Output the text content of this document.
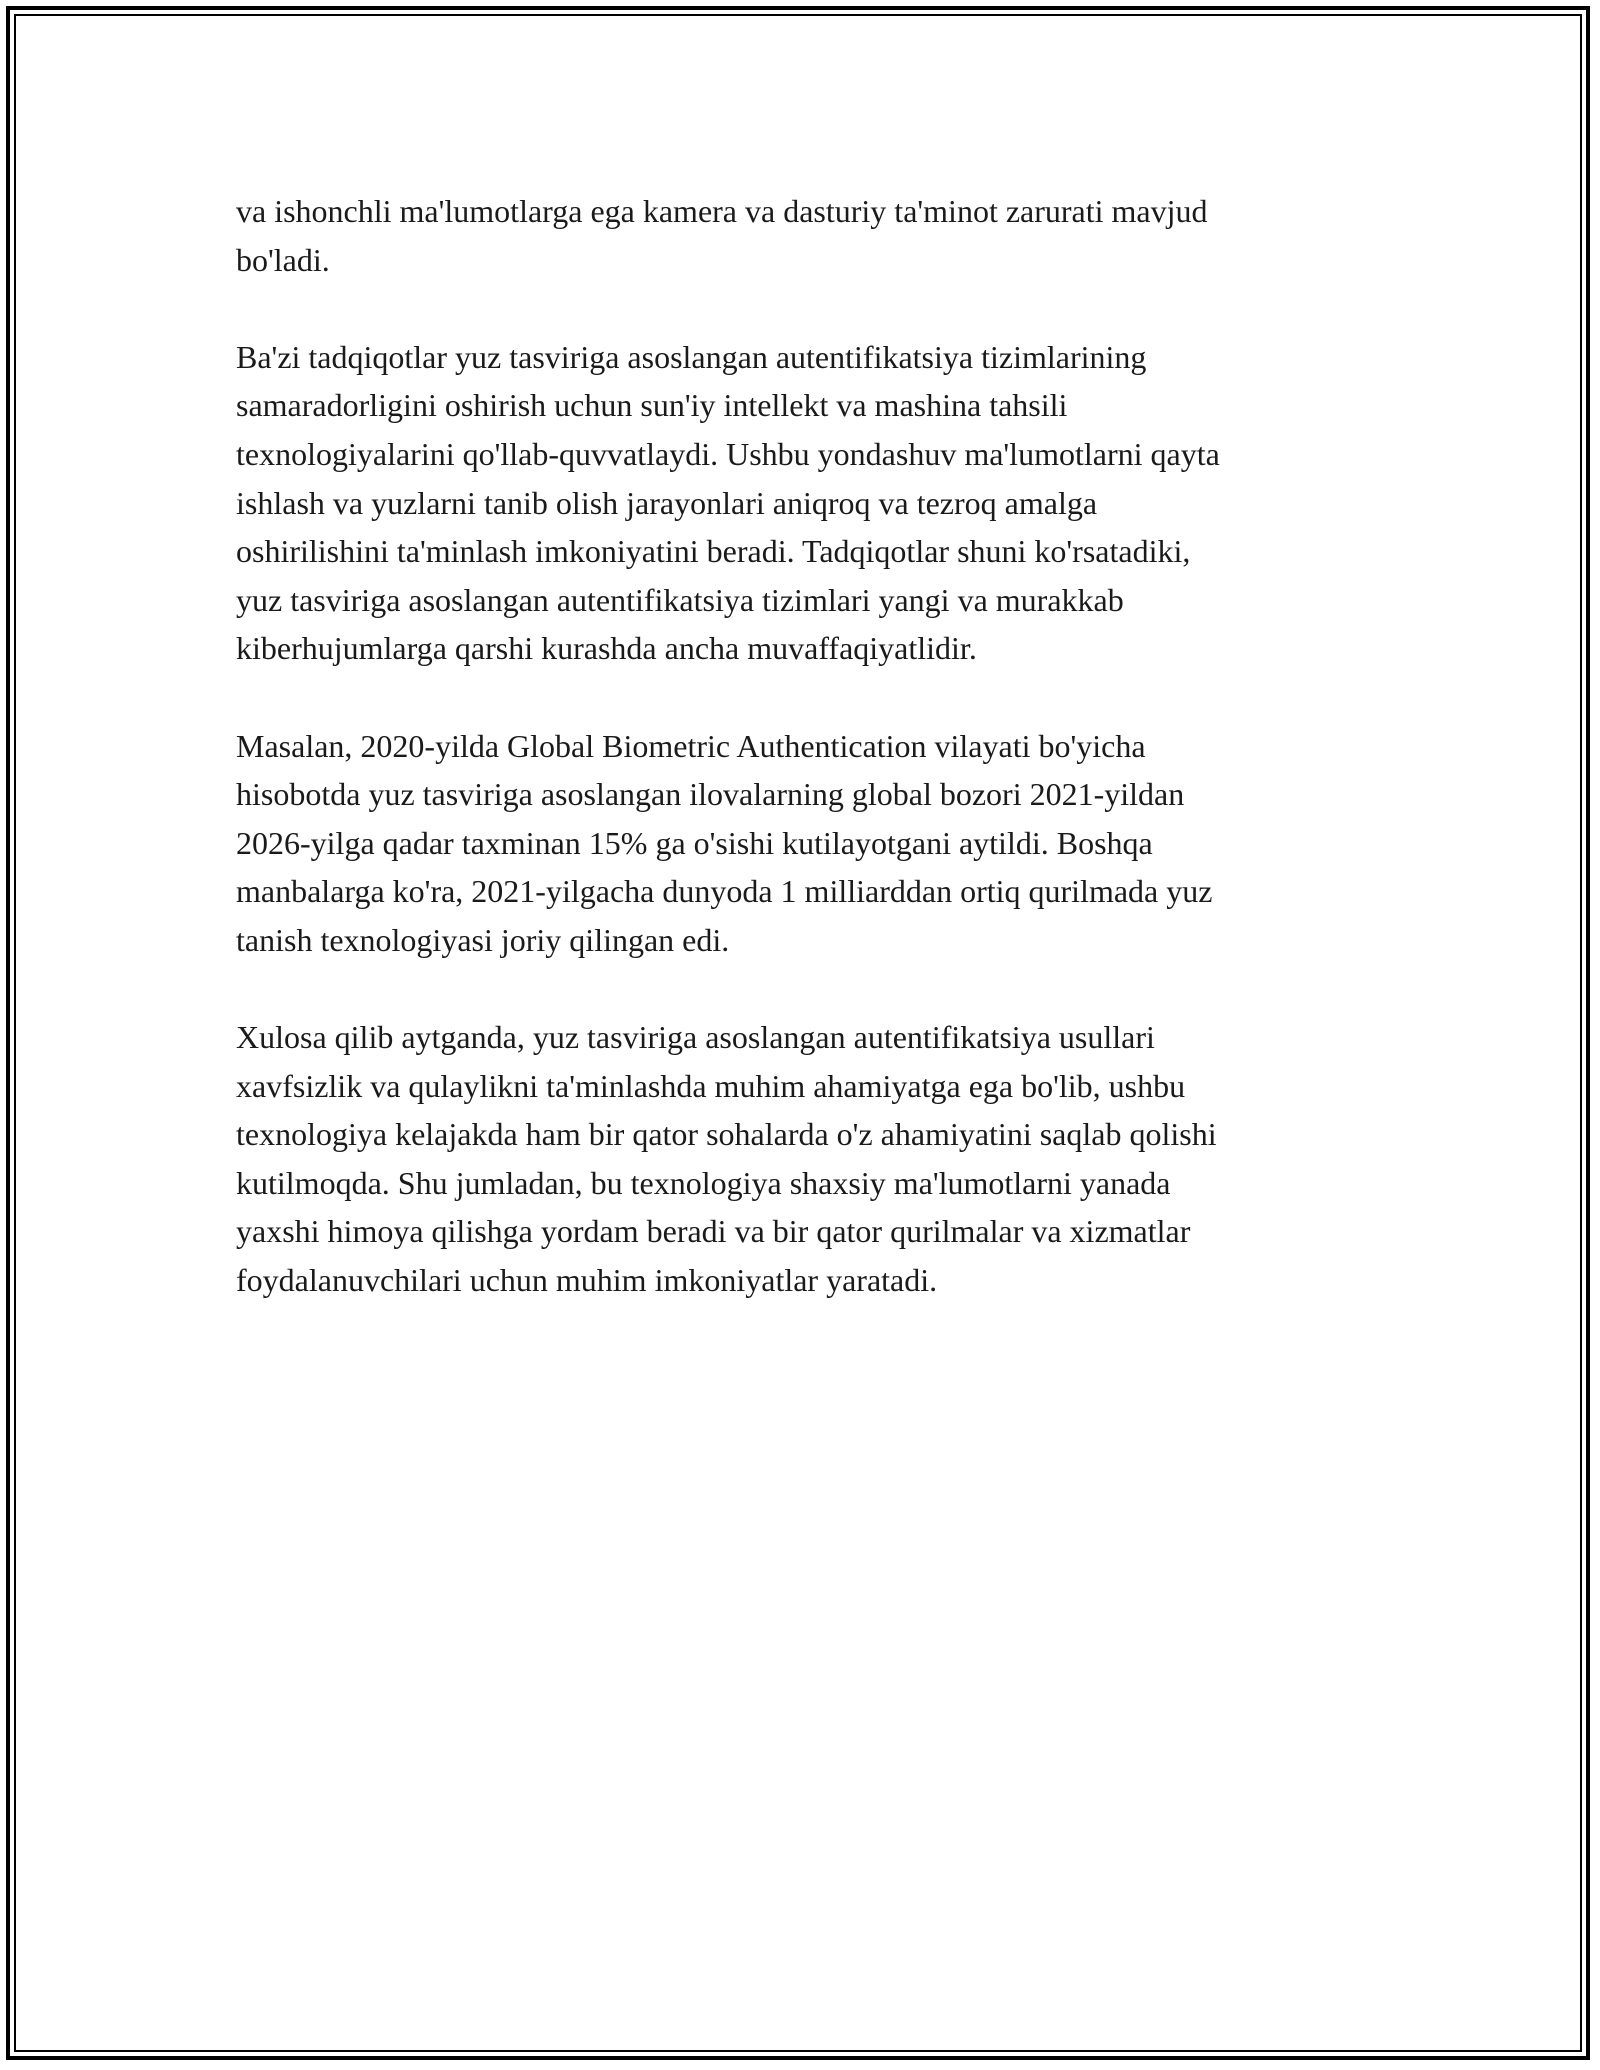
va ishonchli ma'lumotlarga ega kamera va dasturiy ta'minot zarurati mavjud
bo'ladi.

Ba'zi tadqiqotlar yuz tasviriga asoslangan autentifikatsiya tizimlarining
samaradorligini oshirish uchun sun'iy intellekt va mashina tahsili
texnologiyalarini qo'llab-quvvatlaydi. Ushbu yondashuv ma'lumotlarni qayta
ishlash va yuzlarni tanib olish jarayonlari aniqroq va tezroq amalga
oshirilishini ta'minlash imkoniyatini beradi. Tadqiqotlar shuni ko'rsatadiki,
yuz tasviriga asoslangan autentifikatsiya tizimlari yangi va murakkab
kiberhujumlarga qarshi kurashda ancha muvaffaqiyatlidir.

Masalan, 2020-yilda Global Biometric Authentication vilayati bo'yicha
hisobotda yuz tasviriga asoslangan ilovalarning global bozori 2021-yildan
2026-yilga qadar taxminan 15% ga o'sishi kutilayotgani aytildi. Boshqa
manbalarga ko'ra, 2021-yilgacha dunyoda 1 milliarddan ortiq qurilmada yuz
tanish texnologiyasi joriy qilingan edi.

Xulosa qilib aytganda, yuz tasviriga asoslangan autentifikatsiya usullari
xavfsizlik va qulaylikni ta'minlashda muhim ahamiyatga ega bo'lib, ushbu
texnologiya kelajakda ham bir qator sohalarda o'z ahamiyatini saqlab qolishi
kutilmoqda. Shu jumladan, bu texnologiya shaxsiy ma'lumotlarni yanada
yaxshi himoya qilishga yordam beradi va bir qator qurilmalar va xizmatlar
foydalanuvchilari uchun muhim imkoniyatlar yaratadi.
